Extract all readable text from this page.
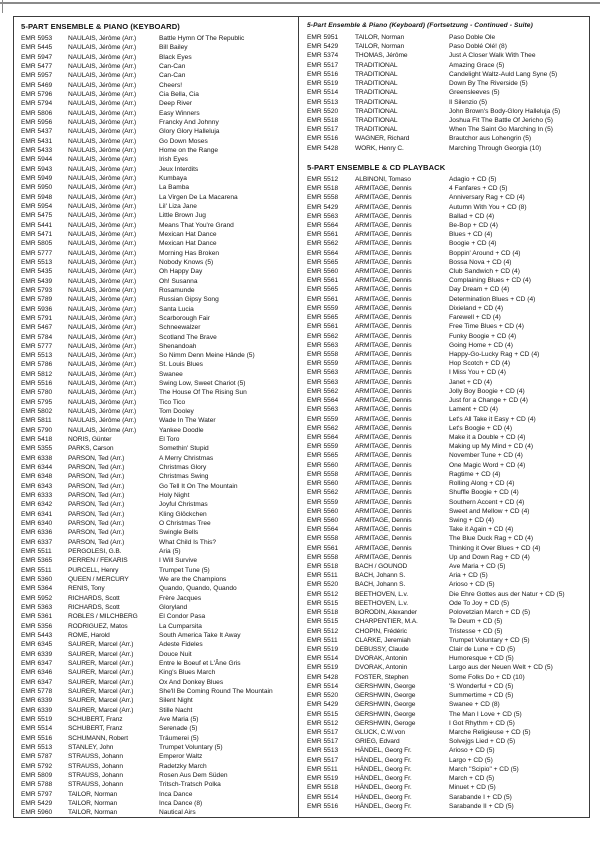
5-PART ENSEMBLE & PIANO (KEYBOARD)
EMR 5953	NAULAIS, Jérôme (Arr.)	Battle Hymn Of The Republic
EMR 5445	NAULAIS, Jérôme (Arr.)	Bill Bailey
EMR 5947	NAULAIS, Jérôme (Arr.)	Black Eyes
EMR 5477	NAULAIS, Jérôme (Arr.)	Can-Can
EMR 5957	NAULAIS, Jérôme (Arr.)	Can-Can
EMR 5469	NAULAIS, Jérôme (Arr.)	Cheers!
EMR 5796	NAULAIS, Jérôme (Arr.)	Cia Bella, Cia
EMR 5794	NAULAIS, Jérôme (Arr.)	Deep River
EMR 5806	NAULAIS, Jérôme (Arr.)	Easy Winners
EMR 5956	NAULAIS, Jérôme (Arr.)	Francky And Johnny
EMR 5437	NAULAIS, Jérôme (Arr.)	Glory Glory Halleluja
EMR 5431	NAULAIS, Jérôme (Arr.)	Go Down Moses
EMR 5433	NAULAIS, Jérôme (Arr.)	Home on the Range
EMR 5944	NAULAIS, Jérôme (Arr.)	Irish Eyes
EMR 5943	NAULAIS, Jérôme (Arr.)	Jeux Interdits
EMR 5949	NAULAIS, Jérôme (Arr.)	Kumbaya
EMR 5950	NAULAIS, Jérôme (Arr.)	La Bamba
EMR 5948	NAULAIS, Jérôme (Arr.)	La Virgen De La Macarena
EMR 5954	NAULAIS, Jérôme (Arr.)	Lil' Liza Jane
EMR 5475	NAULAIS, Jérôme (Arr.)	Little Brown Jug
EMR 5441	NAULAIS, Jérôme (Arr.)	Means That You're Grand
EMR 5471	NAULAIS, Jérôme (Arr.)	Mexican Hat Dance
EMR 5805	NAULAIS, Jérôme (Arr.)	Mexican Hat Dance
EMR 5777	NAULAIS, Jérôme (Arr.)	Morning Has Broken
EMR 5513	NAULAIS, Jérôme (Arr.)	Nobody Knows (5)
EMR 5435	NAULAIS, Jérôme (Arr.)	Oh Happy Day
EMR 5439	NAULAIS, Jérôme (Arr.)	Oh! Susanna
EMR 5793	NAULAIS, Jérôme (Arr.)	Rosamunde
EMR 5789	NAULAIS, Jérôme (Arr.)	Russian Gipsy Song
EMR 5936	NAULAIS, Jérôme (Arr.)	Santa Lucia
EMR 5791	NAULAIS, Jérôme (Arr.)	Scarborough Fair
EMR 5467	NAULAIS, Jérôme (Arr.)	Schneewalzer
EMR 5784	NAULAIS, Jérôme (Arr.)	Scotland The Brave
EMR 5777	NAULAIS, Jérôme (Arr.)	Shenandoah
EMR 5513	NAULAIS, Jérôme (Arr.)	So Nimm Denn Meine Hände (5)
EMR 5786	NAULAIS, Jérôme (Arr.)	St. Louis Blues
EMR 5812	NAULAIS, Jérôme (Arr.)	Swanee
EMR 5516	NAULAIS, Jérôme (Arr.)	Swing Low, Sweet Chariot (5)
EMR 5780	NAULAIS, Jérôme (Arr.)	The House Of The Rising Sun
EMR 5795	NAULAIS, Jérôme (Arr.)	Tico Tico
EMR 5802	NAULAIS, Jérôme (Arr.)	Tom Dooley
EMR 5811	NAULAIS, Jérôme (Arr.)	Wade In The Water
EMR 5790	NAULAIS, Jérôme (Arr.)	Yankee Doodle
EMR 5418	NORIS, Günter	El Toro
EMR 5355	PARKS, Carson	Somethin' Stupid
EMR 6338	PARSON, Ted (Arr.)	A Merry Christmas
EMR 6344	PARSON, Ted (Arr.)	Christmas Glory
EMR 6348	PARSON, Ted (Arr.)	Christmas Swing
EMR 6343	PARSON, Ted (Arr.)	Go Tell It On The Mountain
EMR 6333	PARSON, Ted (Arr.)	Holy Night
EMR 6342	PARSON, Ted (Arr.)	Joyful Christmas
EMR 6341	PARSON, Ted (Arr.)	Kling Glöckchen
EMR 6340	PARSON, Ted (Arr.)	O Christmas Tree
EMR 6336	PARSON, Ted (Arr.)	Swingle Bells
EMR 6337	PARSON, Ted (Arr.)	What Child Is This?
EMR 5511	PERGOLESI, G.B.	Aria (5)
EMR 5365	PERREN / FEKARIS	I Will Survive
EMR 5511	PURCELL, Henry	Trumpet Tune (5)
EMR 5360	QUEEN / MERCURY	We are the Champions
EMR 5364	RENIS, Tony	Quando, Quando, Quando
EMR 5952	RICHARDS, Scott	Frère Jacques
EMR 5363	RICHARDS, Scott	Gloryland
EMR 5361	ROBLES / MILCHBERG	El Condor Pasa
EMR 5356	RODRIGUEZ, Matos	La Cumparsita
EMR 5443	ROME, Harold	South America Take It Away
EMR 6345	SAURER, Marcel (Arr.)	Adeste Fideles
EMR 6339	SAURER, Marcel (Arr.)	Douce Nuit
EMR 6347	SAURER, Marcel (Arr.)	Entre le Boeuf et L'Âne Gris
EMR 6346	SAURER, Marcel (Arr.)	King's Blues March
EMR 6347	SAURER, Marcel (Arr.)	Ox And Donkey Blues
EMR 5778	SAURER, Marcel (Arr.)	She'll Be Coming Round The Mountain
EMR 6339	SAURER, Marcel (Arr.)	Silent Night
EMR 6339	SAURER, Marcel (Arr.)	Stille Nacht
EMR 5519	SCHUBERT, Franz	Ave Maria (5)
EMR 5514	SCHUBERT, Franz	Serenade (5)
EMR 5516	SCHUMANN, Robert	Träumerei (5)
EMR 5513	STANLEY, John	Trumpet Voluntary (5)
EMR 5787	STRAUSS, Johann	Emperor Waltz
EMR 5792	STRAUSS, Johann	Radetzky March
EMR 5809	STRAUSS, Johann	Rosen Aus Dem Süden
EMR 5788	STRAUSS, Johann	Tritsch-Tratsch Polka
EMR 5797	TAILOR, Norman	Inca Dance
EMR 5429	TAILOR, Norman	Inca Dance (8)
EMR 5960	TAILOR, Norman	Nautical Airs
5-Part Ensemble & Piano (Keyboard) (Fortsetzung - Continued - Suite)
EMR 5951	TAILOR, Norman	Paso Doble Ole
EMR 5429	TAILOR, Norman	Paso Doblé Olé! (8)
EMR 5374	THOMAS, Jérôme	Just A Closer Walk With Thee
EMR 5517	TRADITIONAL	Amazing Grace (5)
EMR 5516	TRADITIONAL	Candelight Waltz-Auld Lang Syne (5)
EMR 5519	TRADITIONAL	Down By The Riverside (5)
EMR 5514	TRADITIONAL	Greensleeves (5)
EMR 5513	TRADITIONAL	Il Silenzio (5)
EMR 5520	TRADITIONAL	John Brown's Body-Glory Halleluja (5)
EMR 5518	TRADITIONAL	Joshua Fit The Battle Of Jericho (5)
EMR 5517	TRADITIONAL	When The Saint Go Marching In (5)
EMR 5516	WAGNER, Richard	Brautchor aus Lohengrin (5)
EMR 5428	WORK, Henry C.	Marching Through Georgia (10)
5-PART ENSEMBLE & CD PLAYBACK
EMR 5512	ALBINONI, Tomaso	Adagio + CD (5)
EMR 5518	ARMITAGE, Dennis	4 Fanfares + CD (5)
EMR 5558	ARMITAGE, Dennis	Anniversary Rag + CD (4)
EMR 5429	ARMITAGE, Dennis	Autumn With You + CD (8)
EMR 5563	ARMITAGE, Dennis	Ballad + CD (4)
EMR 5564	ARMITAGE, Dennis	Be-Bop + CD (4)
EMR 5561	ARMITAGE, Dennis	Blues + CD (4)
EMR 5562	ARMITAGE, Dennis	Boogie + CD (4)
EMR 5564	ARMITAGE, Dennis	Boppin' Around + CD (4)
EMR 5565	ARMITAGE, Dennis	Bossa Nova + CD (4)
EMR 5560	ARMITAGE, Dennis	Club Sandwich + CD (4)
EMR 5561	ARMITAGE, Dennis	Complaining Blues + CD (4)
EMR 5565	ARMITAGE, Dennis	Day Dream + CD (4)
EMR 5561	ARMITAGE, Dennis	Determination Blues + CD (4)
EMR 5559	ARMITAGE, Dennis	Dixieland + CD (4)
EMR 5565	ARMITAGE, Dennis	Farewell + CD (4)
EMR 5561	ARMITAGE, Dennis	Free Time Blues + CD (4)
EMR 5562	ARMITAGE, Dennis	Funky Boogie + CD (4)
EMR 5563	ARMITAGE, Dennis	Going Home + CD (4)
EMR 5558	ARMITAGE, Dennis	Happy-Go-Lucky Rag + CD (4)
EMR 5559	ARMITAGE, Dennis	Hop Scotch + CD (4)
EMR 5563	ARMITAGE, Dennis	I Miss You + CD (4)
EMR 5563	ARMITAGE, Dennis	Janet + CD (4)
EMR 5562	ARMITAGE, Dennis	Jolly Boy Boogie + CD (4)
EMR 5564	ARMITAGE, Dennis	Just for a Change + CD (4)
EMR 5563	ARMITAGE, Dennis	Lament + CD (4)
EMR 5559	ARMITAGE, Dennis	Let's All Take it Easy + CD (4)
EMR 5562	ARMITAGE, Dennis	Let's Boogie + CD (4)
EMR 5564	ARMITAGE, Dennis	Make it a Double + CD (4)
EMR 5559	ARMITAGE, Dennis	Making up My Mind + CD (4)
EMR 5565	ARMITAGE, Dennis	November Tune + CD (4)
EMR 5560	ARMITAGE, Dennis	One Magic Word + CD (4)
EMR 5558	ARMITAGE, Dennis	Ragtime + CD (4)
EMR 5560	ARMITAGE, Dennis	Rolling Along + CD (4)
EMR 5562	ARMITAGE, Dennis	Shuffle Boogie + CD (4)
EMR 5559	ARMITAGE, Dennis	Southern Accent + CD (4)
EMR 5560	ARMITAGE, Dennis	Sweet and Mellow + CD (4)
EMR 5560	ARMITAGE, Dennis	Swing + CD (4)
EMR 5564	ARMITAGE, Dennis	Take it Again + CD (4)
EMR 5558	ARMITAGE, Dennis	The Blue Duck Rag + CD (4)
EMR 5561	ARMITAGE, Dennis	Thinking it Over Blues + CD (4)
EMR 5558	ARMITAGE, Dennis	Up and Down Rag + CD (4)
EMR 5518	BACH / GOUNOD	Ave Maria + CD (5)
EMR 5511	BACH, Johann S.	Aria + CD (5)
EMR 5520	BACH, Johann S.	Arioso + CD (5)
EMR 5512	BEETHOVEN, L.v.	Die Ehre Gottes aus der Natur + CD (5)
EMR 5515	BEETHOVEN, L.v.	Ode To Joy + CD (5)
EMR 5518	BORODIN, Alexander	Polovetzian March + CD (5)
EMR 5515	CHARPENTIER, M.A.	Te Deum + CD (5)
EMR 5512	CHOPIN, Frédéric	Tristesse + CD (5)
EMR 5511	CLARKE, Jeremiah	Trumpet Voluntary + CD (5)
EMR 5519	DEBUSSY, Claude	Clair de Lune + CD (5)
EMR 5514	DVORAK, Antonin	Humoresque + CD (5)
EMR 5519	DVORAK, Antonin	Largo aus der Neuen Welt + CD (5)
EMR 5428	FOSTER, Stephen	Some Folks Do + CD (10)
EMR 5514	GERSHWIN, George	'S Wonderful + CD (5)
EMR 5520	GERSHWIN, George	Summertime + CD (5)
EMR 5429	GERSHWIN, George	Swanee + CD (8)
EMR 5515	GERSHWIN, George	The Man I Love + CD (5)
EMR 5512	GERSHWIN, Geroge	I Got Rhythm + CD (5)
EMR 5517	GLUCK, C.W.von	Marche Religieuse + CD (5)
EMR 5517	GRIEG, Edvard	Solvejgs Lied + CD (5)
EMR 5513	HÄNDEL, Georg Fr.	Arioso + CD (5)
EMR 5517	HÄNDEL, Georg Fr.	Largo + CD (5)
EMR 5511	HÄNDEL, Georg Fr.	March "Scipio" + CD (5)
EMR 5519	HÄNDEL, Georg Fr.	March + CD (5)
EMR 5518	HÄNDEL, Georg Fr.	Minuet + CD (5)
EMR 5514	HÄNDEL, Georg Fr.	Sarabande I + CD (5)
EMR 5516	HÄNDEL, Georg Fr.	Sarabande II + CD (5)
